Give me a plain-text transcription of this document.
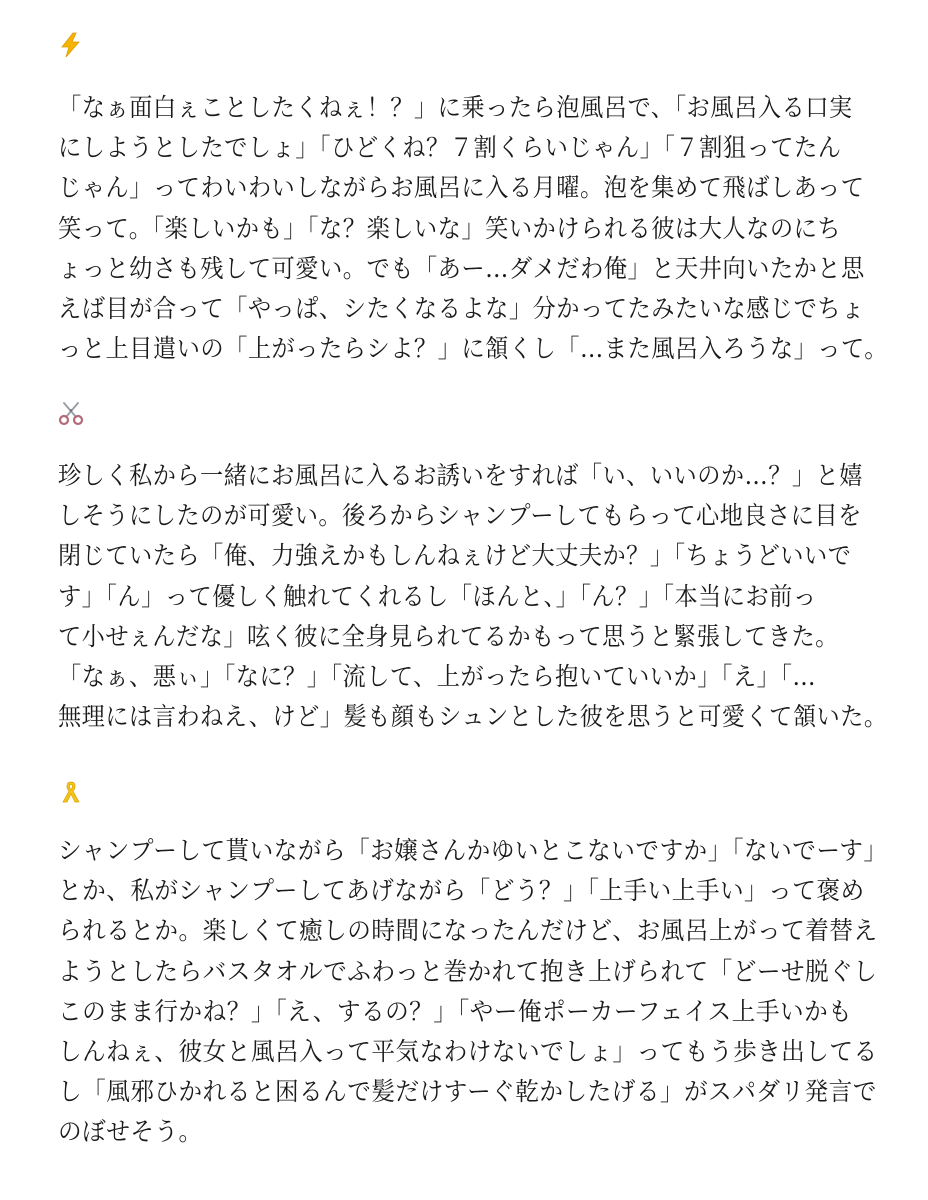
「なぁ面白ぇことしたくねぇ！？」に乗ったら泡風呂で、「お風呂入る口実
にしようとしたでしょ」「ひどくね？７割くらいじゃん」「７割狙ってたん
じゃん」ってわいわいしながらお風呂に入る月曜。泡を集めて飛ばしあって
笑って。「楽しいかも」「な？楽しいな」笑いかけられる彼は大人なのにち
ょっと幼さも残して可愛い。でも「あー…ダメだわ俺」と天井向いたかと思
えば目が合って「やっぱ、シたくなるよな」分かってたみたいな感じでちょ
っと上目遣いの「上がったらシよ？」に頷くし「…また風呂入ろうな」って。

珍しく私から一緒にお風呂に入るお誘いをすれば「い、いいのか…？」と嬉
しそうにしたのが可愛い。後ろからシャンプーしてもらって心地良さに目を
閉じていたら「俺、力強えかもしんねぇけど大丈夫か？」「ちょうどいいで
す」「ん」って優しく触れてくれるし「ほんと、」「ん？」「本当にお前っ
て小せぇんだな」呟く彼に全身見られてるかもって思うと緊張してきた。
「なぁ、悪ぃ」「なに？」「流して、上がったら抱いていいか」「え」「…
無理には言わねえ、けど」髪も顔もシュンとした彼を思うと可愛くて頷いた。

シャンプーして貰いながら「お嬢さんかゆいとこないですか」「ないでーす」
とか、私がシャンプーしてあげながら「どう？」「上手い上手い」って褒め
られるとか。楽しくて癒しの時間になったんだけど、お風呂上がって着替え
ようとしたらバスタオルでふわっと巻かれて抱き上げられて「どーせ脱ぐし
このまま行かね？」「え、するの？」「やー俺ポーカーフェイス上手いかも
しんねぇ、彼女と風呂入って平気なわけないでしょ」ってもう歩き出してる
し「風邪ひかれると困るんで髪だけすーぐ乾かしたげる」がスパダリ発言で
のぼせそう。
